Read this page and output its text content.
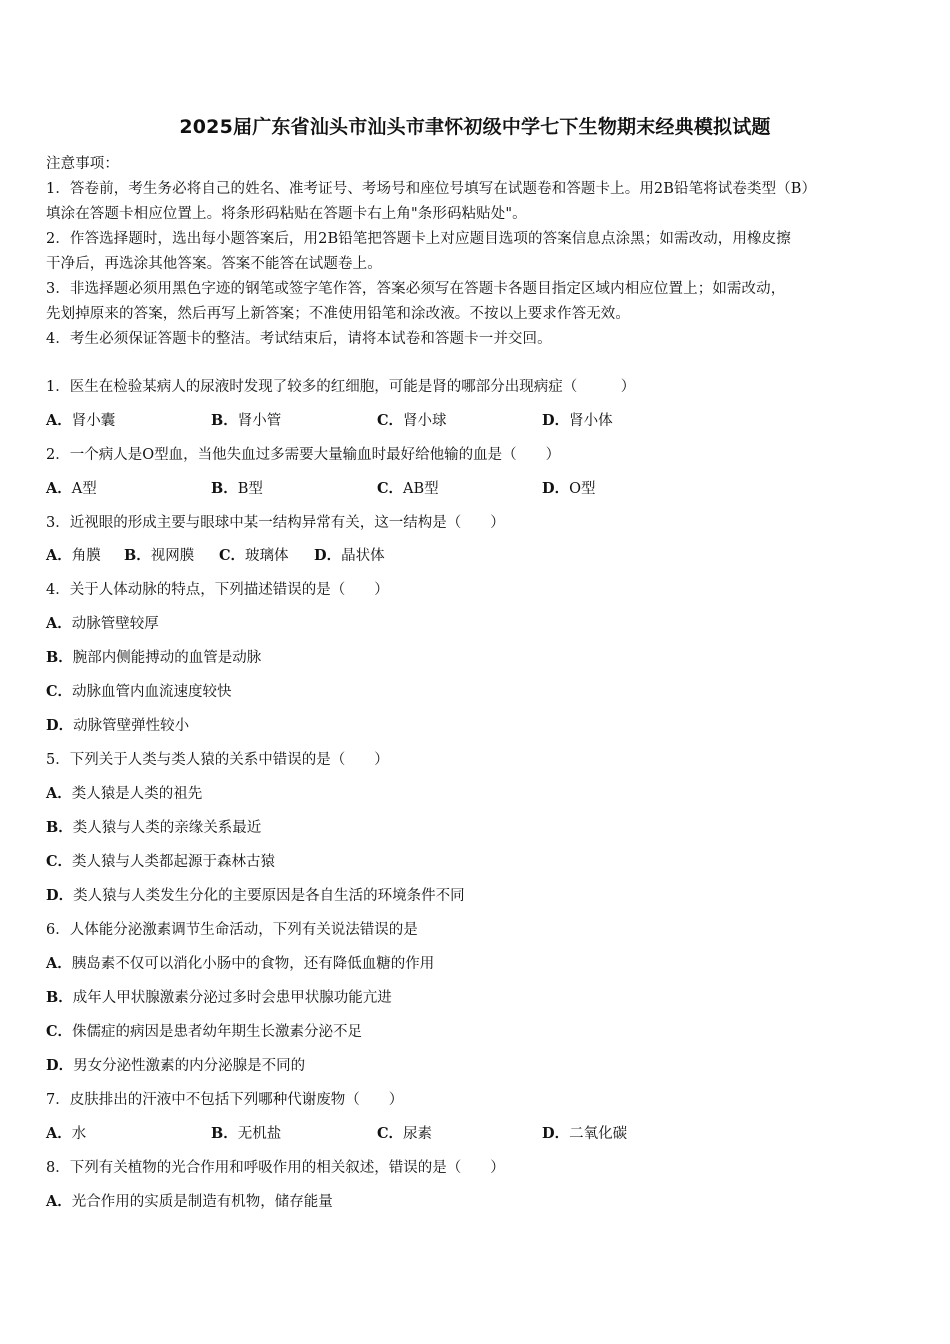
2025届广东省汕头市汕头市聿怀初级中学七下生物期末经典模拟试题
注意事项：
1．答卷前，考生务必将自己的姓名、准考证号、考场号和座位号填写在试题卷和答题卡上。用2B铅笔将试卷类型（B）
填涂在答题卡相应位置上。将条形码粘贴在答题卡右上角"条形码粘贴处"。
2．作答选择题时，选出每小题答案后，用2B铅笔把答题卡上对应题目选项的答案信息点涂黑；如需改动，用橡皮擦
干净后，再选涂其他答案。答案不能答在试题卷上。
3．非选择题必须用黑色字迹的钢笔或签字笔作答，答案必须写在答题卡各题目指定区域内相应位置上；如需改动，
先划掉原来的答案，然后再写上新答案；不准使用铅笔和涂改液。不按以上要求作答无效。
4．考生必须保证答题卡的整洁。考试结束后，请将本试卷和答题卡一并交回。
1．医生在检验某病人的尿液时发现了较多的红细胞，可能是肾的哪部分出现病症（　　　）
A．肾小囊	B．肾小管	C．肾小球	D．肾小体
2．一个病人是O型血，当他失血过多需要大量输血时最好给他输的血是（　　）
A．A型	B．B型	C．AB型	D．O型
3．近视眼的形成主要与眼球中某一结构异常有关，这一结构是（　　）
A．角膜 B．视网膜 C．玻璃体 D．晶状体
4．关于人体动脉的特点，下列描述错误的是（　　）
A．动脉管壁较厚
B．腕部内侧能搏动的血管是动脉
C．动脉血管内血流速度较快
D．动脉管壁弹性较小
5．下列关于人类与类人猿的关系中错误的是（　　）
A．类人猿是人类的祖先
B．类人猿与人类的亲缘关系最近
C．类人猿与人类都起源于森林古猿
D．类人猿与人类发生分化的主要原因是各自生活的环境条件不同
6．人体能分泌激素调节生命活动，下列有关说法错误的是
A．胰岛素不仅可以消化小肠中的食物，还有降低血糖的作用
B．成年人甲状腺激素分泌过多时会患甲状腺功能亢进
C．侏儒症的病因是患者幼年期生长激素分泌不足
D．男女分泌性激素的内分泌腺是不同的
7．皮肤排出的汗液中不包括下列哪种代谢废物（　　）
A．水	B．无机盐	C．尿素	D．二氧化碳
8．下列有关植物的光合作用和呼吸作用的相关叙述，错误的是（　　）
A．光合作用的实质是制造有机物，储存能量
